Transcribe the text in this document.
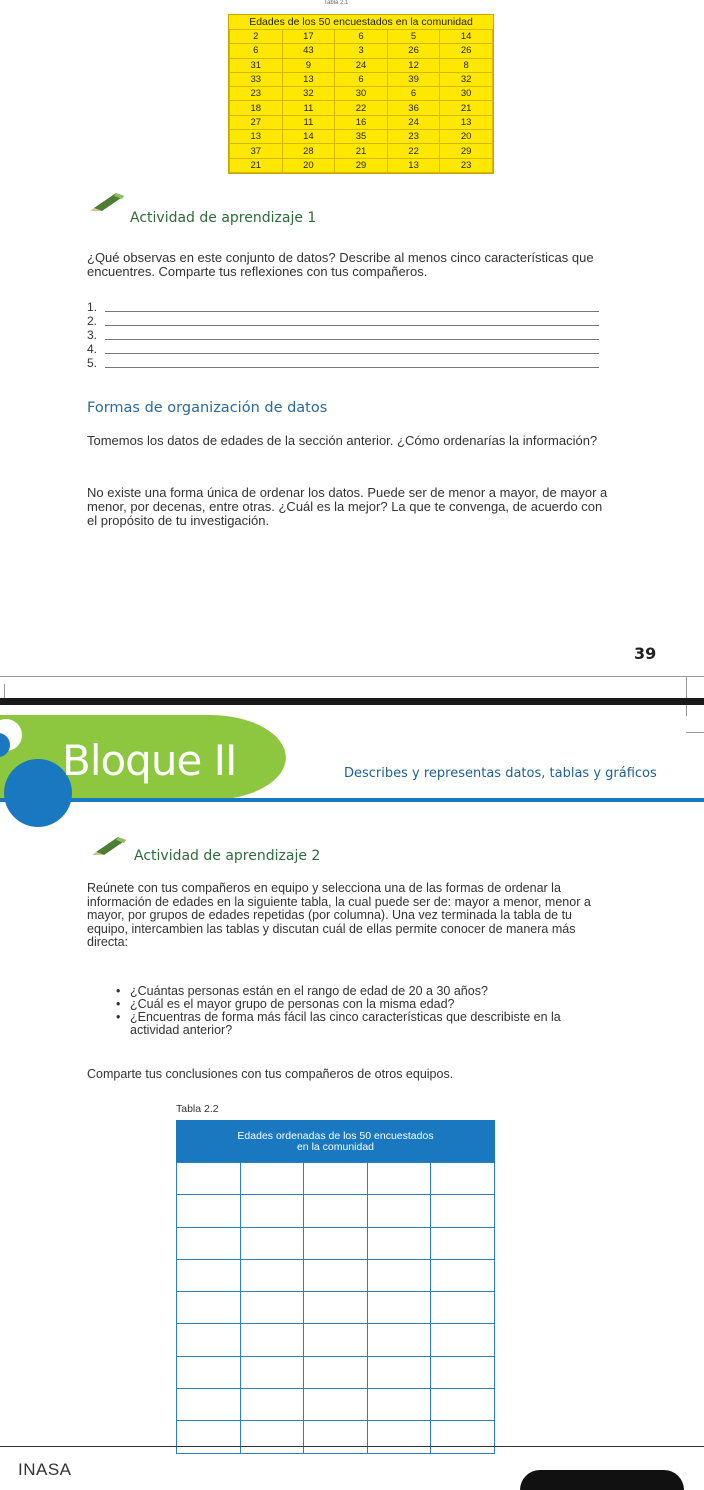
Tabla 2.1
Edades de los 50 encuestados en la comunidad
2	17	6	5	14
6	43	3	26	26
31	9	24	12	8
33	13	6	39	32
23	32	30	6	30
18	11	22	36	21
27	11	16	24	13
13	14	35	23	20
37	28	21	22	29
21	20	29	13	23
Actividad de aprendizaje 1
¿Qué observas en este conjunto de datos? Describe al menos cinco características que encuentres. Comparte tus reflexiones con tus compañeros.
1.
2.
3.
4.
5.
Formas de organización de datos
Tomemos los datos de edades de la sección anterior. ¿Cómo ordenarías la información?
No existe una forma única de ordenar los datos. Puede ser de menor a mayor, de mayor a menor, por decenas, entre otras. ¿Cuál es la mejor? La que te convenga, de acuerdo con el propósito de tu investigación.
39
Bloque II	Describes y representas datos, tablas y gráficos
Actividad de aprendizaje 2
Reúnete con tus compañeros en equipo y selecciona una de las formas de ordenar la información de edades en la siguiente tabla, la cual puede ser de: mayor a menor, menor a mayor, por grupos de edades repetidas (por columna). Una vez terminada la tabla de tu equipo, intercambien las tablas y discutan cuál de ellas permite conocer de manera más directa:
• ¿Cuántas personas están en el rango de edad de 20 a 30 años?
• ¿Cuál es el mayor grupo de personas con la misma edad?
• ¿Encuentras de forma más fácil las cinco características que describiste en la actividad anterior?
Comparte tus conclusiones con tus compañeros de otros equipos.
Tabla 2.2
Edades ordenadas de los 50 encuestados
en la comunidad

INASA
